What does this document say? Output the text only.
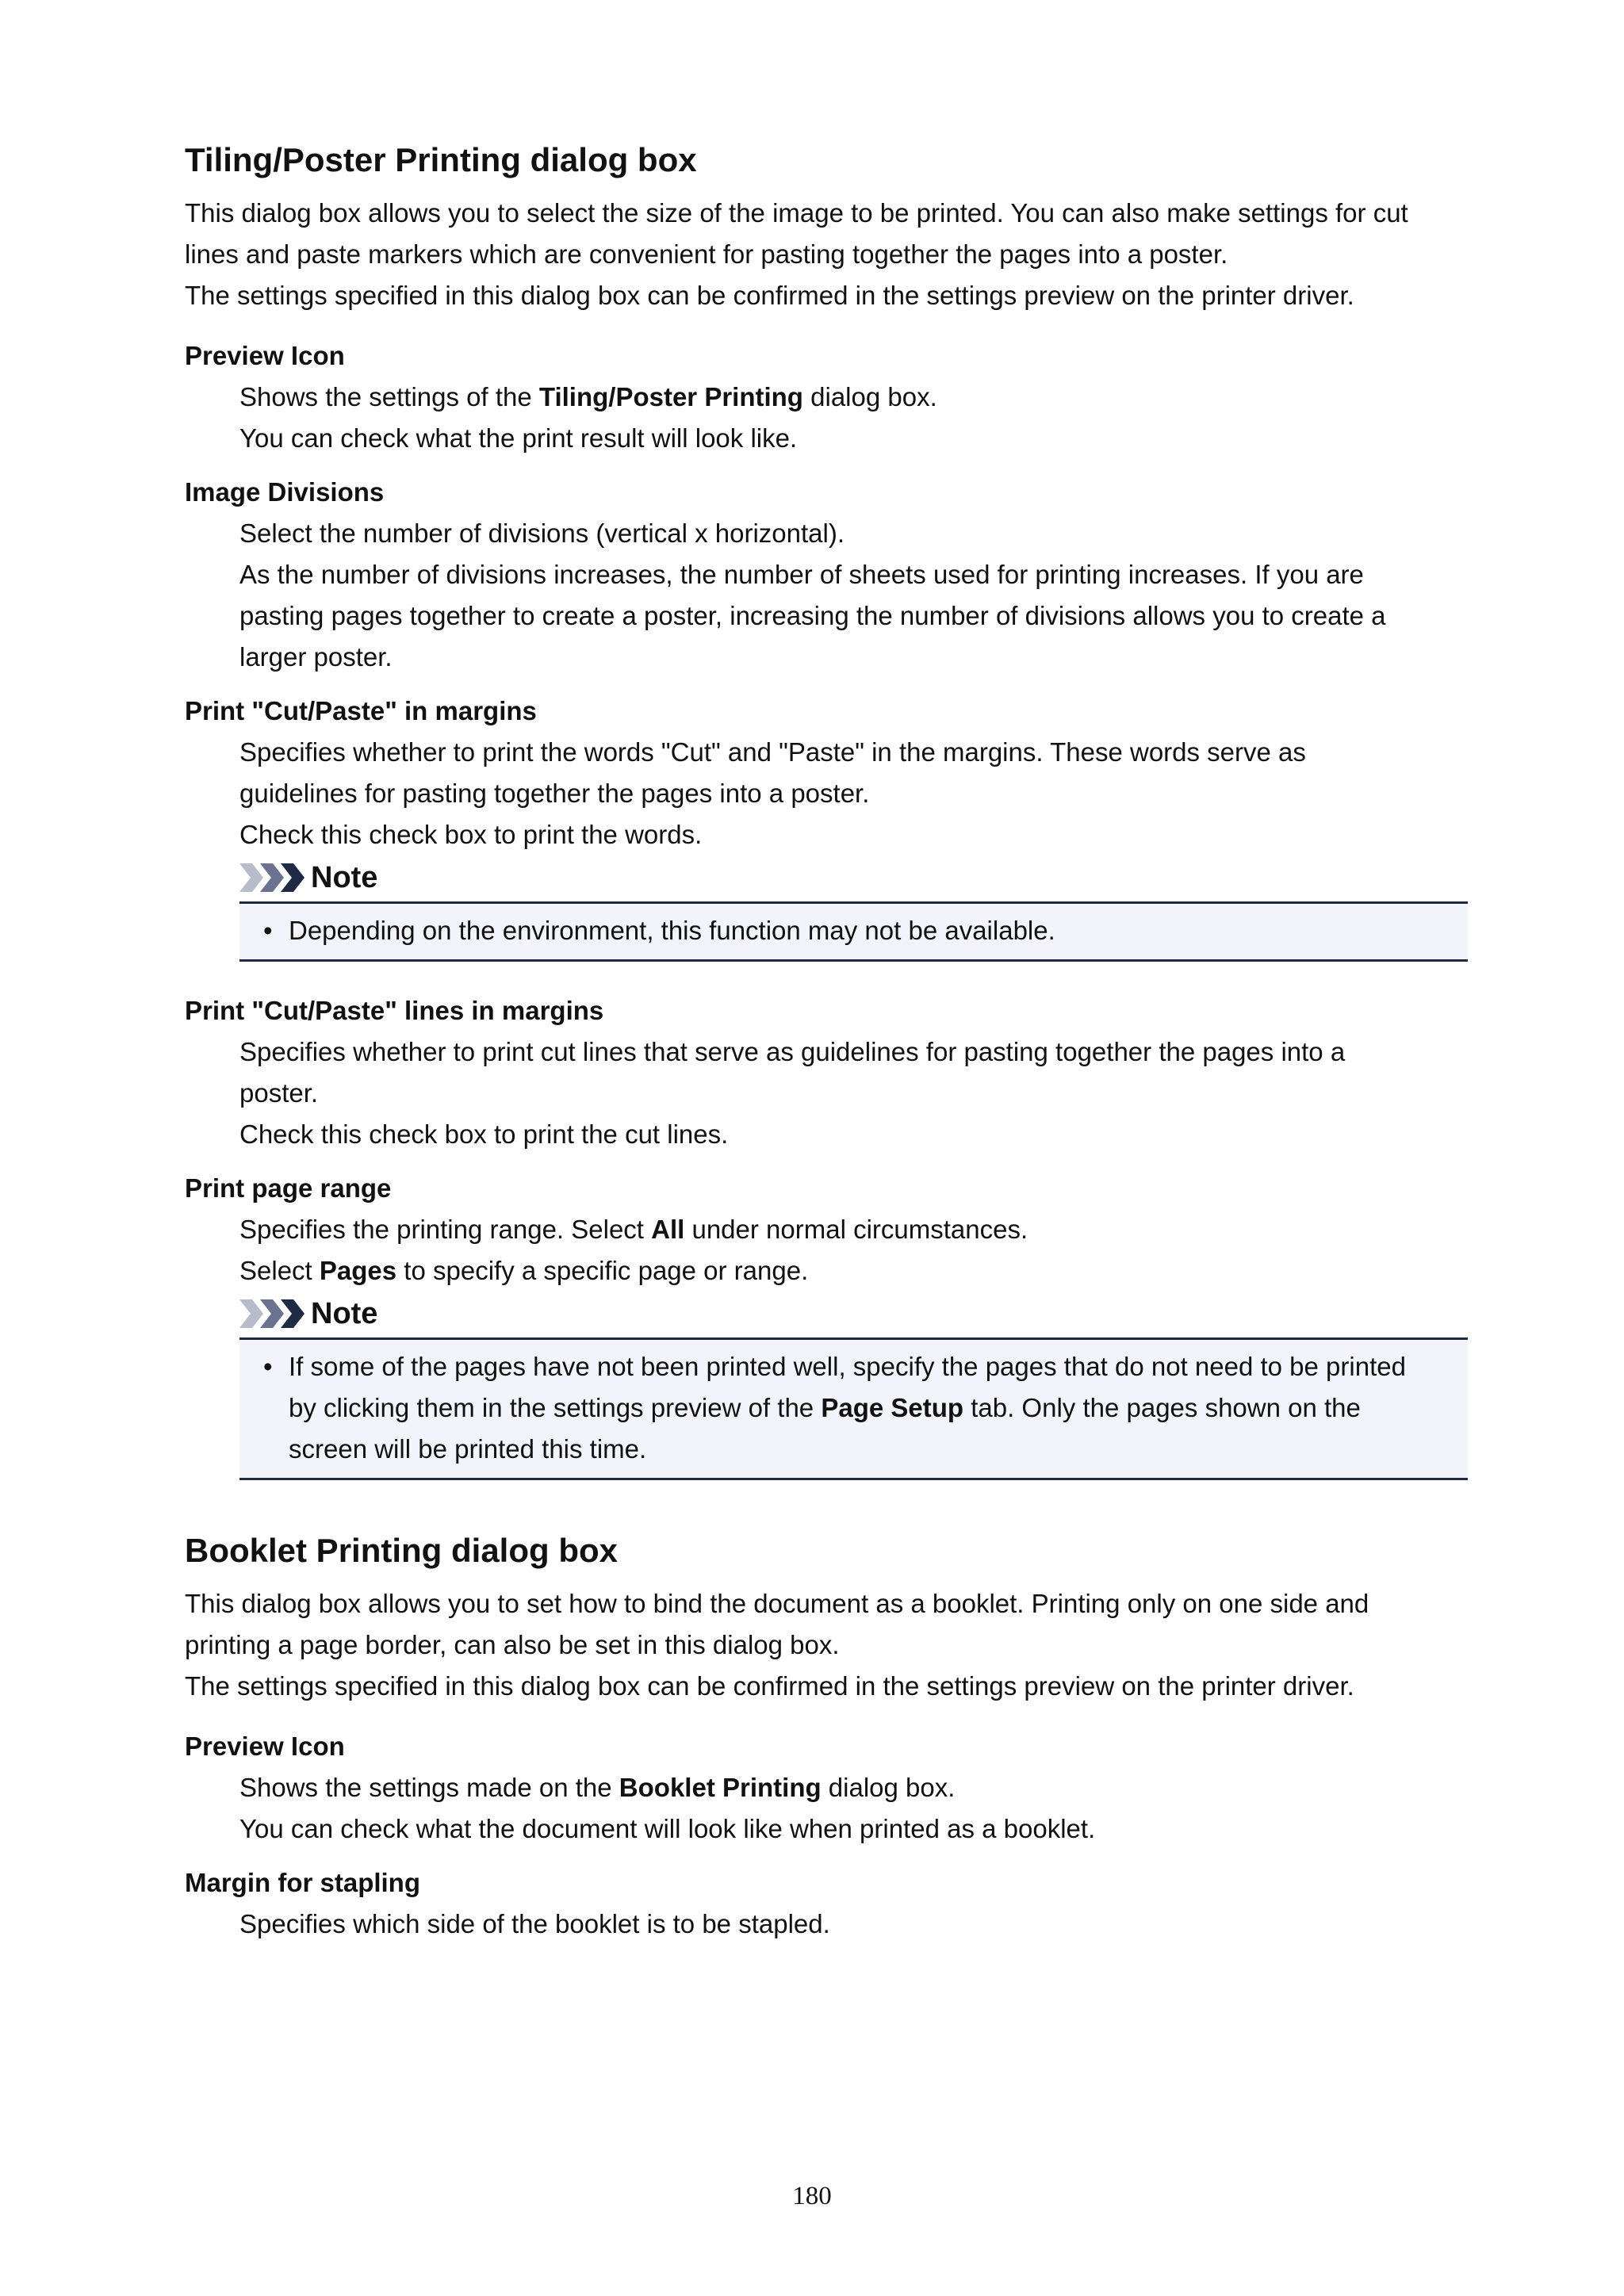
Tiling/Poster Printing dialog box

This dialog box allows you to select the size of the image to be printed. You can also make settings for cut

lines and paste markers which are convenient for pasting together the pages into a poster.

The settings specified in this dialog box can be confirmed in the settings preview on the printer driver.

Preview Icon

Shows the settings of the Tiling/Poster Printing dialog box.

You can check what the print result will look like.

Image Divisions

Select the number of divisions (vertical x horizontal).

As the number of divisions increases, the number of sheets used for printing increases. If you are

pasting pages together to create a poster, increasing the number of divisions allows you to create a

larger poster.

Print "Cut/Paste" in margins

Specifies whether to print the words "Cut" and "Paste" in the margins. These words serve as

guidelines for pasting together the pages into a poster.

Check this check box to print the words.

Note
• Depending on the environment, this function may not be available.

Print "Cut/Paste" lines in margins

Specifies whether to print cut lines that serve as guidelines for pasting together the pages into a

poster.

Check this check box to print the cut lines.

Print page range

Specifies the printing range. Select All under normal circumstances.

Select Pages to specify a specific page or range.

Note
• If some of the pages have not been printed well, specify the pages that do not need to be printed
by clicking them in the settings preview of the Page Setup tab. Only the pages shown on the
screen will be printed this time.
Booklet Printing dialog box

This dialog box allows you to set how to bind the document as a booklet. Printing only on one side and

printing a page border, can also be set in this dialog box.

The settings specified in this dialog box can be confirmed in the settings preview on the printer driver.

Preview Icon

Shows the settings made on the Booklet Printing dialog box.

You can check what the document will look like when printed as a booklet.

Margin for stapling

Specifies which side of the booklet is to be stapled.

180
